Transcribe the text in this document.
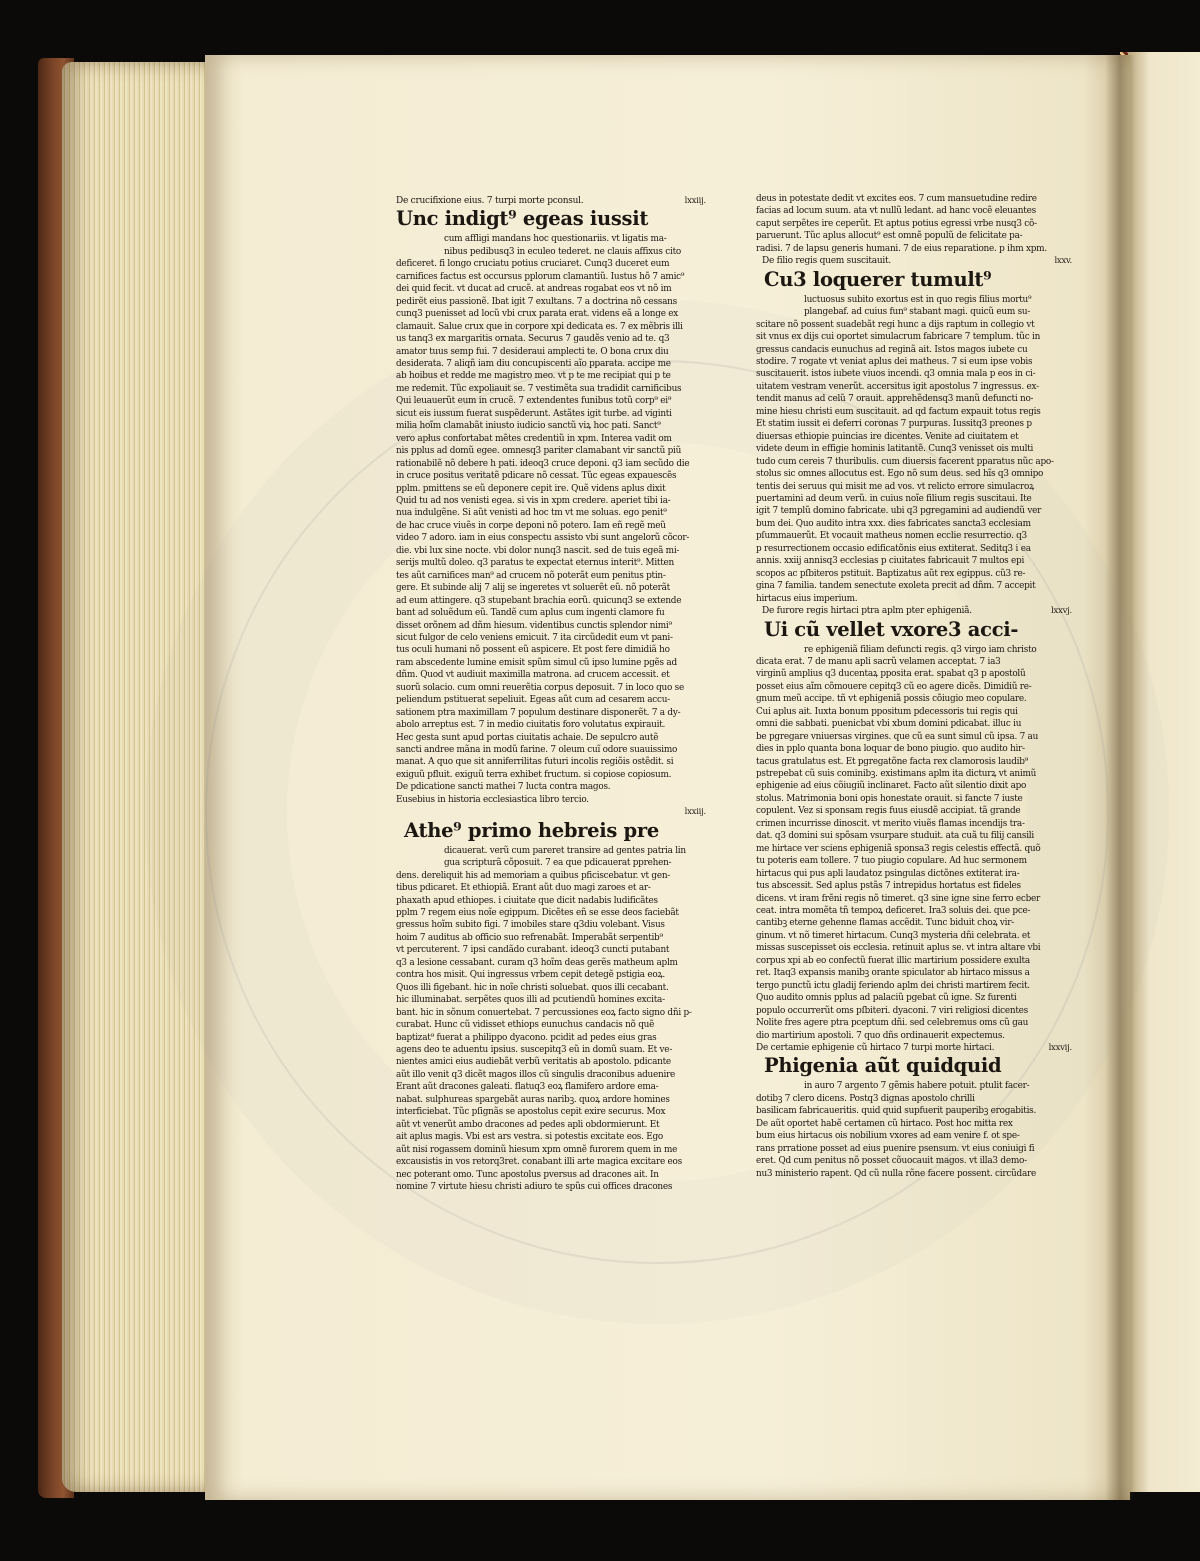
De crucifixione eius. 7 turpi morte pconsul.	lxxiij.
Unc indigt⁹ egeas iussit
cum affligi mandans hoc questionariis. vt ligatis ma-
nibus pedibusq3 in eculeo tederet. ne clauis affixus cito
deficeret. fi longo cruciatu potius cruciaret. Cunq3 duceret eum
carnifices factus est occursus pplorum clamantiũ. Iustus hõ 7 amic⁹
dei quid fecit. vt ducat ad crucẽ. at andreas rogabat eos vt nõ im
pedirẽt eius passionẽ. Ibat igit 7 exultans. 7 a doctrina nõ cessans
cunq3 puenisset ad locũ vbi crux parata erat. videns eã a longe ex
clamauit. Salue crux que in corpore xpi dedicata es. 7 ex mẽbris illi
us tanq3 ex margaritis ornata. Securus 7 gaudẽs venio ad te. q3
amator tuus semp fui. 7 desideraui amplecti te. O bona crux diu
desiderata. 7 aliqñ iam diu concupiscenti aĩo pparata. accipe me
ab hoibus et redde me magistro meo. vt p te me recipiat qui p te
me redemit. Tũc expoliauit se. 7 vestimẽta sua tradidit carnificibus
Qui leuauerũt eum in crucẽ. 7 extendentes funibus totũ corp⁹ ei⁹
sicut eis iussum fuerat suspẽderunt. Astãtes igit turbe. ad viginti
milia hoĩm clamabãt iniusto iudicio sanctũ viꝝ hoc pati. Sanct⁹
vero apłus confortabat mẽtes credentiũ in xpm. Interea vadit om
nis pplus ad domũ egee. omnesq3 pariter clamabant vir sanctũ piũ
rationabilẽ nõ debere h pati. ideoq3 cruce deponi. q3 iam secũdo die
in cruce positus veritatẽ pdicare nõ cessat. Tũc egeas expauescẽs
pplm. pmittens se eũ deponere cepit ire. Quẽ videns aplus dixit
Quid tu ad nos venisti egea. si vis in xpm credere. aperiet tibi ia-
nua indulgẽne. Si aũt venisti ad hoc tm vt me soluas. ego penit⁹
de hac cruce viuẽs in corpe deponi nõ potero. Iam eñ regẽ meũ
video 7 adoro. iam in eius conspectu assisto vbi sunt angelorũ cõcor-
die. vbi lux sine nocte. vbi dolor nunq3 nascit. sed de tuis egeã mi-
serijs multũ doleo. q3 paratus te expectat eternus interit⁹. Mitten
tes aũt carnifices man⁹ ad crucem nõ poterãt eum penitus ptin-
gere. Et subinde alij 7 alij se ingeretes vt soluerẽt eũ. nõ poterãt
ad eum attingere. q3 stupebant brachia eorũ. quicunq3 se extende
bant ad soluẽdum eũ. Tandẽ cum aplus cum ingenti clamore fu
disset orõnem ad dñm hiesum. videntibus cunctis splendor nimi⁹
sicut fulgor de celo veniens emicuit. 7 ita circũdedit eum vt pani-
tus oculi humani nõ possent eũ aspicere. Et post fere dimidiã ho
ram abscedente lumine emisit spũm simul cũ ipso lumine pgẽs ad
dñm. Quod vt audiuit maximilla matrona. ad crucem accessit. et
suorũ solacio. cum omni reuerẽtia corpus deposuit. 7 in loco quo se
peliendum pstituerat sepeliuit. Egeas aũt cum ad cesarem accu-
sationem ptra maximillam 7 populum destinare disponerẽt. 7 a dy-
abolo arreptus est. 7 in medio ciuitatis foro volutatus expirauit.
Hec gesta sunt apud portas ciuitatis achaie. De sepulcro autẽ
sancti andree mãna in modũ farine. 7 oleum cuĩ odore suauissimo
manat. A quo que sit anniferrilitas futuri incolis regiõis ostẽdit. si
exiguũ pfluit. exiguũ terra exhibet fructum. si copiose copiosum.
De pdicatione sancti mathei 7 lucta contra magos.
Eusebius in historia ecclesiastica libro tercio.
lxxiij.
Athe⁹ primo hebreis pre
dicauerat. verũ cum pareret transire ad gentes patria lin
gua scripturã cõposuit. 7 ea que pdicauerat pprehen-
dens. dereliquit his ad memoriam a quibus pficiscebatur. vt gen-
tibus pdicaret. Et ethiopiã. Erant aũt duo magi zaroes et ar-
phaxath apud ethiopes. i ciuitate que dicit nadabis ludificãtes
pplm 7 regem eius noĩe egippum. Dicẽtes eñ se esse deos faciebãt
gressus hoĩm subito figi. 7 imobiles stare q3diu volebant. Visus
hoim 7 auditus ab officio suo refrenabãt. Imperabãt serpentib⁹
vt percuterent. 7 ipsi candãdo curabant. ideoq3 cuncti putabant
q3 a lesione cessabant. curam q3 hoĩm deas gerẽs matheum aplm
contra hos misit. Qui ingressus vrbem cepit detegẽ pstigia eoꝝ.
Quos illi figebant. hic in noĩe christi soluebat. quos illi cecabant.
hic illuminabat. serpẽtes quos illi ad pcutiendũ homines excita-
bant. hic in sõnum conuertebat. 7 percussiones eoꝝ facto signo dñi p-
curabat. Hunc cũ vidisset ethiops eunuchus candacis nõ quẽ
baptizat⁹ fuerat a philippo dyacono. pcidit ad pedes eius gras
agens deo te aduentu ipsius. suscepitq3 eũ in domũ suam. Et ve-
nientes amici eius audiebãt verbũ veritatis ab apostolo. pdicante
aũt illo venit q3 dicẽt magos illos cũ singulis draconibus aduenire
Erant aũt dracones galeati. flatuq3 eoꝝ flamifero ardore ema-
nabat. sulphureas spargebãt auras naribꝫ. quoꝝ ardore homines
interficiebat. Tũc pſignãs se apostolus cepit exire securus. Mox
aũt vt venerũt ambo dracones ad pedes apli obdormierunt. Et
ait aplus magis. Vbi est ars vestra. si potestis excitate eos. Ego
aũt nisi rogassem dominũ hiesum xpm omnẽ furorem quem in me
excausistis in vos retorq3ret. conabant illi arte magica excitare eos
nec poterant omo. Tunc apostolus pversus ad dracones ait. In
nomine 7 virtute hiesu christi adiuro te spũs cui offices dracones
deus in potestate dedit vt excites eos. 7 cum mansuetudine redire
facias ad locum suum. ata vt nullũ ledant. ad hanc vocẽ eleuantes
caput serpẽtes ire ceperũt. Et aptus potius egressi vrbe nusq3 cõ-
paruerunt. Tũc aplus allocut⁹ est omnẽ populũ de felicitate pa-
radisi. 7 de lapsu generis humani. 7 de eius reparatione. p ihm xpm.
De filio regis quem suscitauit.	lxxv.
Cu3 loquerer tumult⁹
luctuosus subito exortus est in quo regis filius mortu⁹
plangebaf. ad cuius fun⁹ stabant magi. quicũ eum su-
scitare nõ possent suadebãt regi hunc a dijs raptum in collegio vt
sit vnus ex dijs cui oportet simulacrum fabricare 7 templum. tũc in
gressus candacis eunuchus ad reginã ait. Istos magos iubete cu
stodire. 7 rogate vt veniat aplus dei matheus. 7 si eum ipse vobis
suscitauerit. istos iubete viuos incendi. q3 omnia mala p eos in ci-
uitatem vestram venerũt. accersitus igit apostolus 7 ingressus. ex-
tendit manus ad celũ 7 orauit. apprehẽdensq3 manũ defuncti no-
mine hiesu christi eum suscitauit. ad qd factum expauit totus regis
Et statim iussit ei deferri coronas 7 purpuras. Iussitq3 preones p
diuersas ethiopie puincias ire dicentes. Venite ad ciuitatem et
videte deum in effigie hominis latitantẽ. Cunq3 venisset ois multi
tudo cum cereis 7 thuribulis. cum diuersis facerent pparatus nũc apo-
stolus sic omnes allocutus est. Ego nõ sum deus. sed hĩs q3 omnipo
tentis dei seruus qui misit me ad vos. vt relicto errore simulacroꝝ
puertamini ad deum verũ. in cuius noĩe filium regis suscitaui. Ite
igit 7 templũ domino fabricate. ubi q3 pgregamini ad audiendũ ver
bum dei. Quo audito intra xxx. dies fabricates sancta3 ecclesiam
pſummauerũt. Et vocauit matheus nomen ecclie resurrectio. q3
p resurrectionem occasio edificatõnis eius extiterat. Seditq3 i ea
annis. xxiij annisq3 ecclesias p ciuitates fabricauit 7 multos epi
scopos ac pſbiteros pstituit. Baptizatus aũt rex egippus. cũ3 re-
gina 7 familia. tandem senectute exoleta precit ad dñm. 7 accepit
hirtacus eius imperium.
De furore regis hirtaci ptra aplm pter ephigeniã.	lxxvj.
Ui cũ vellet vxore3 acci-
re ephigeniã filiam defuncti regis. q3 virgo iam christo
dicata erat. 7 de manu apli sacrũ velamen acceptat. 7 ia3
virginũ amplius q3 ducentaꝝ pposita erat. spabat q3 p apostolũ
posset eius aĩm cõmouere cepitq3 cũ eo agere dicẽs. Dimidiũ re-
gnum meũ accipe. tñ vt ephigeniã possis cõiugio meo copulare.
Cui aplus ait. Iuxta bonum ppositum pdecessoris tui regis qui
omni die sabbati. puenicbat vbi xbum domini pdicabat. illuc iu
be pgregare vniuersas virgines. que cũ ea sunt simul cũ ipsa. 7 au
dies in pplo quanta bona loquar de bono piugio. quo audito hir-
tacus gratulatus est. Et pgregatõne facta rex clamorosis laudib⁹
pstrepebat cũ suis cominibꝫ. existimans aplm ita dicturꝝ vt animũ
ephigenie ad eius cõiugiũ inclinaret. Facto aũt silentio dixit apo
stolus. Matrimonia boni opis honestate orauit. si fancte 7 iuste
copulent. Vez si sponsam regis fuus eiusdẽ accipiat. tã grande
crimen incurrisse dinoscit. vt merito viuẽs flamas incendijs tra-
dat. q3 domini sui spõsam vsurpare studuit. ata cuã tu filij cansili
me hirtace ver sciens ephigeniã sponsa3 regis celestis effectã. quõ
tu poteris eam tollere. 7 tuo piugio copulare. Ad huc sermonem
hirtacus qui pus apli laudatoz psingulas dictõnes extiterat ira-
tus abscessit. Sed aplus pstãs 7 intrepidus hortatus est fideles
dicens. vt iram frẽni regis nõ timeret. q3 sine igne sine ferro ecber
ceat. intra momẽta tñ tempoꝝ deficeret. Ira3 soluis dei. que pce-
cantibꝫ eterne gehenne flamas accẽdit. Tunc biduit choꝝ vir-
ginum. vt nõ timeret hirtacum. Cunq3 mysteria dñi celebrata. et
missas suscepisset ois ecclesia. retinuit aplus se. vt intra altare vbi
corpus xpi ab eo confectũ fuerat illic martirium possidere exulta
ret. Itaq3 expansis manibꝫ orante spiculator ab hirtaco missus a
tergo punctũ ictu gladij feriendo aplm dei christi martirem fecit.
Quo audito omnis pplus ad palaciũ pgebat cũ igne. Sz furenti
populo occurrerũt oms pſbiteri. dyaconi. 7 viri religiosi dicentes
Nolite fres agere ptra pceptum dñi. sed celebremus oms cũ gau
dio martirium apostoli. 7 quo dñs ordinauerit expectemus.
De certamie ephigenie cũ hirtaco 7 turpi morte hirtaci.	lxxvij.
Phigenia aũt quidquid
in auro 7 argento 7 gẽmis habere potuit. ptulit facer-
dotibꝫ 7 clero dicens. Postq3 dignas apostolo chrilli
basilicam fabricaueritis. quid quid supfuerit pauperibꝫ erogabitis.
De aũt oportet habẽ certamen cũ hirtaco. Post hoc mitta rex
bum eius hirtacus ois nobilium vxores ad eam venire f. ot spe-
rans prratione posset ad eius puenire psensum. vt eius coniuigi fi
eret. Qd cum penitus nõ posset cõuocauit magos. vt illa3 demo-
nu3 ministerio rapent. Qd cũ nulla rõne facere possent. circũdare
